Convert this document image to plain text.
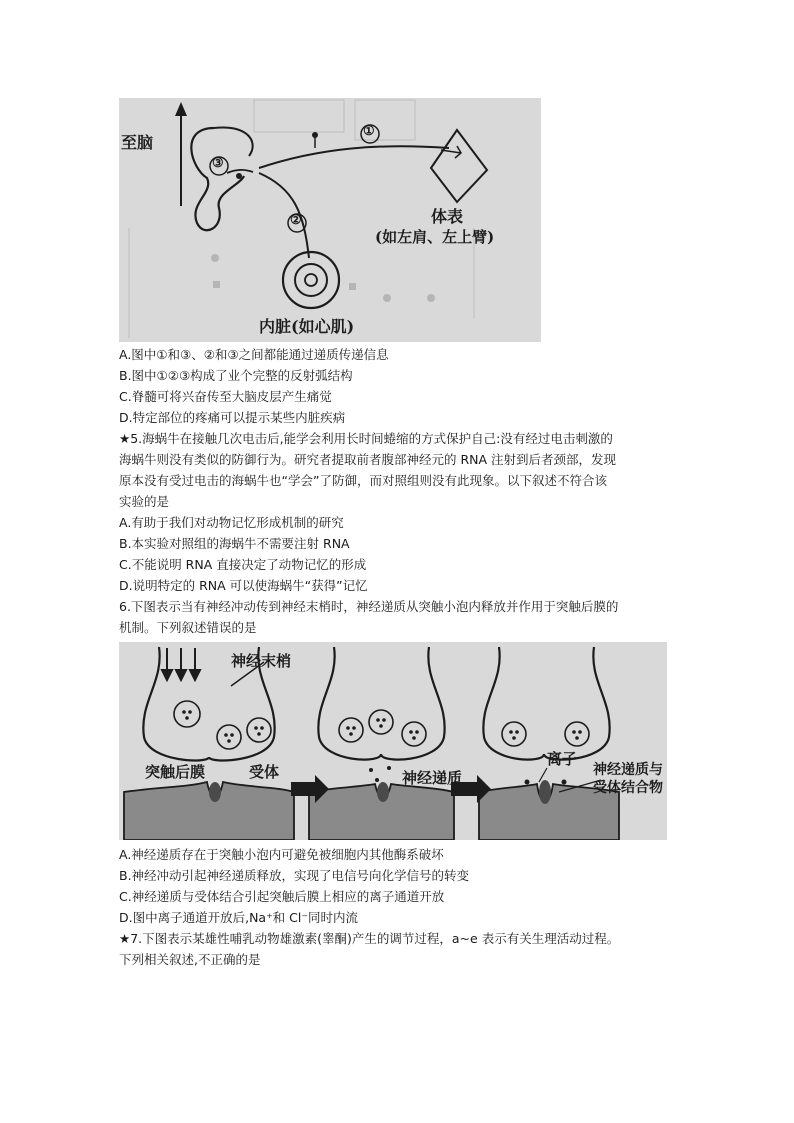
至脑
①
③
②	体表
(如左肩、左上臂)
内脏(如心肌)
A.图中①和③、②和③之间都能通过递质传递信息
B.图中①②③构成了业个完整的反射弧结构
C.脊髓可将兴奋传至大脑皮层产生痛觉
D.特定部位的疼痛可以提示某些内脏疾病
★5.海蜗牛在接触几次电击后,能学会利用长时间蜷缩的方式保护自己:没有经过电击刺激的
海蜗牛则没有类似的防御行为。研究者提取前者腹部神经元的 RNA 注射到后者颈部，发现
原本没有受过电击的海蜗牛也“学会”了防御，而对照组则没有此现象。以下叙述不符合该
实验的是
A.有助于我们对动物记忆形成机制的研究
B.本实验对照组的海蜗牛不需要注射 RNA
C.不能说明 RNA 直接决定了动物记忆的形成
D.说明特定的 RNA 可以使海蜗牛“获得”记忆
6.下图表示当有神经冲动传到神经末梢时，神经递质从突触小泡内释放并作用于突触后膜的
机制。下列叙述错误的是
神经末梢
突触后膜	受体	神经递质
离子
神经递质与
受体结合物
A.神经递质存在于突触小泡内可避免被细胞内其他酶系破坏
B.神经冲动引起神经递质释放，实现了电信号向化学信号的转变
C.神经递质与受体结合引起突触后膜上相应的离子通道开放
D.图中离子通道开放后,Na⁺和 Cl⁻同时内流
★7.下图表示某雄性哺乳动物雄激素(睾酮)产生的调节过程，a~e 表示有关生理活动过程。
下列相关叙述,不正确的是
